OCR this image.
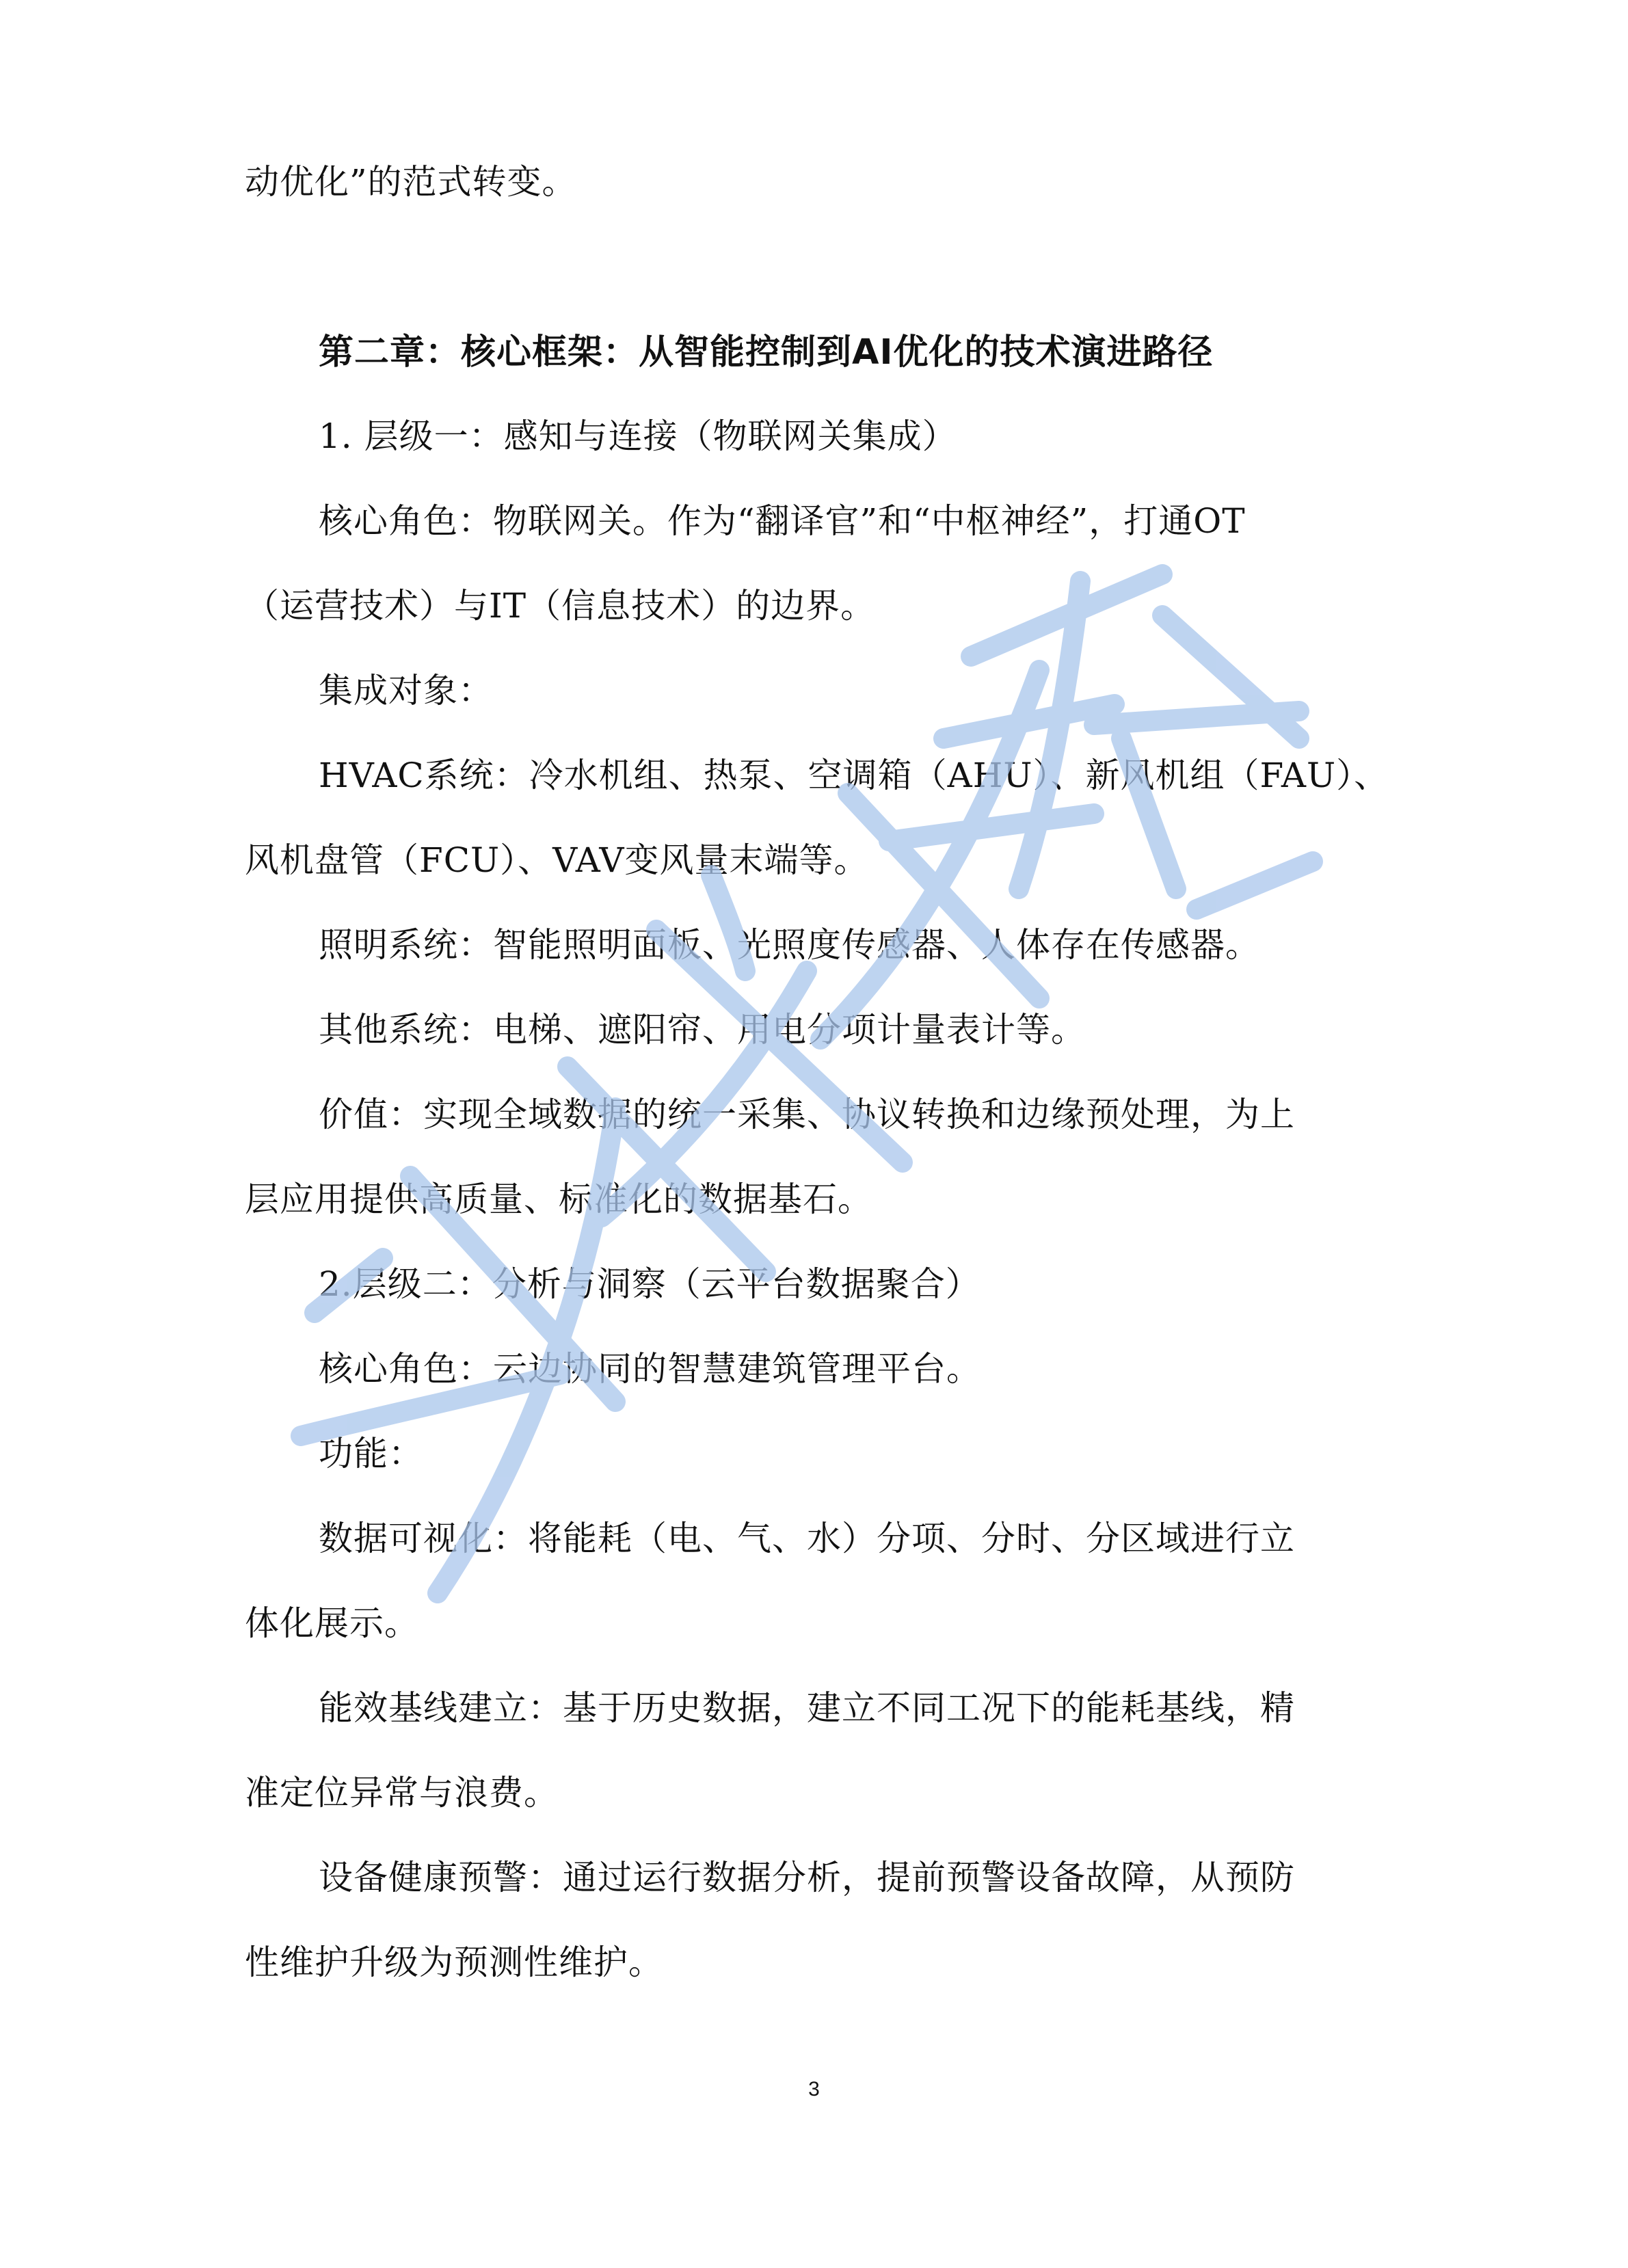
动优化”的范式转变。
第二章：核心框架：从智能控制到AI优化的技术演进路径
1. 层级一：感知与连接（物联网关集成）
核心角色：物联网关。作为“翻译官”和“中枢神经”，打通OT
（运营技术）与IT（信息技术）的边界。
集成对象：
HVAC系统：冷水机组、热泵、空调箱（AHU）、新风机组（FAU）、
风机盘管（FCU）、VAV变风量末端等。
照明系统：智能照明面板、光照度传感器、人体存在传感器。
其他系统：电梯、遮阳帘、用电分项计量表计等。
价值：实现全域数据的统一采集、协议转换和边缘预处理，为上
层应用提供高质量、标准化的数据基石。
2.层级二：分析与洞察（云平台数据聚合）
核心角色：云边协同的智慧建筑管理平台。
功能：
数据可视化：将能耗（电、气、水）分项、分时、分区域进行立
体化展示。
能效基线建立：基于历史数据，建立不同工况下的能耗基线，精
准定位异常与浪费。
设备健康预警：通过运行数据分析，提前预警设备故障，从预防
性维护升级为预测性维护。
3
